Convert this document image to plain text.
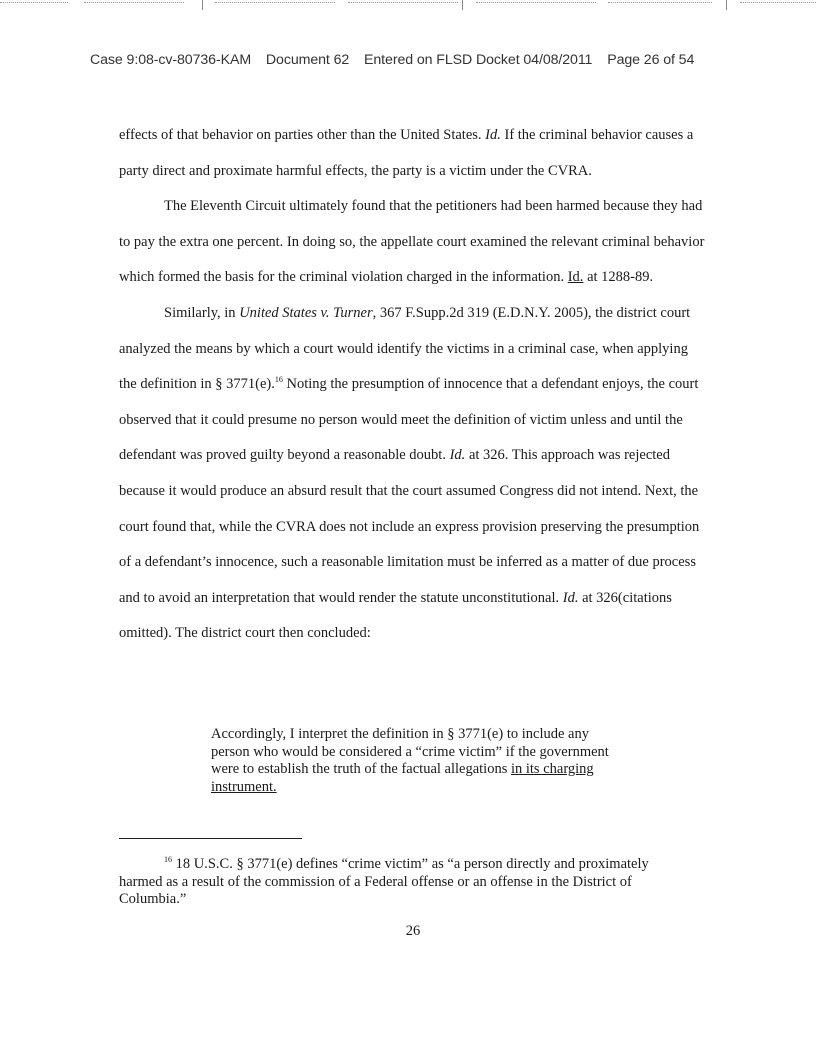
Case 9:08-cv-80736-KAM Document 62 Entered on FLSD Docket 04/08/2011 Page 26 of 54

effects of that behavior on parties other than the United States. Id. If the criminal behavior causes a party direct and proximate harmful effects, the party is a victim under the CVRA.

The Eleventh Circuit ultimately found that the petitioners had been harmed because they had to pay the extra one percent. In doing so, the appellate court examined the relevant criminal behavior which formed the basis for the criminal violation charged in the information. Id. at 1288-89.

Similarly, in United States v. Turner, 367 F.Supp.2d 319 (E.D.N.Y. 2005), the district court analyzed the means by which a court would identify the victims in a criminal case, when applying the definition in § 3771(e).$^{16}$ Noting the presumption of innocence that a defendant enjoys, the court observed that it could presume no person would meet the definition of victim unless and until the defendant was proved guilty beyond a reasonable doubt. Id. at 326. This approach was rejected because it would produce an absurd result that the court assumed Congress did not intend. Next, the court found that, while the CVRA does not include an express provision preserving the presumption of a defendant’s innocence, such a reasonable limitation must be inferred as a matter of due process and to avoid an interpretation that would render the statute unconstitutional. Id. at 326(citations omitted). The district court then concluded:

Accordingly, I interpret the definition in § 3771(e) to include any person who would be considered a “crime victim” if the government were to establish the truth of the factual allegations in its charging instrument.
$^{16}$ 18 U.S.C. § 3771(e) defines “crime victim” as “a person directly and proximately harmed as a result of the commission of a Federal offense or an offense in the District of Columbia.”
26
